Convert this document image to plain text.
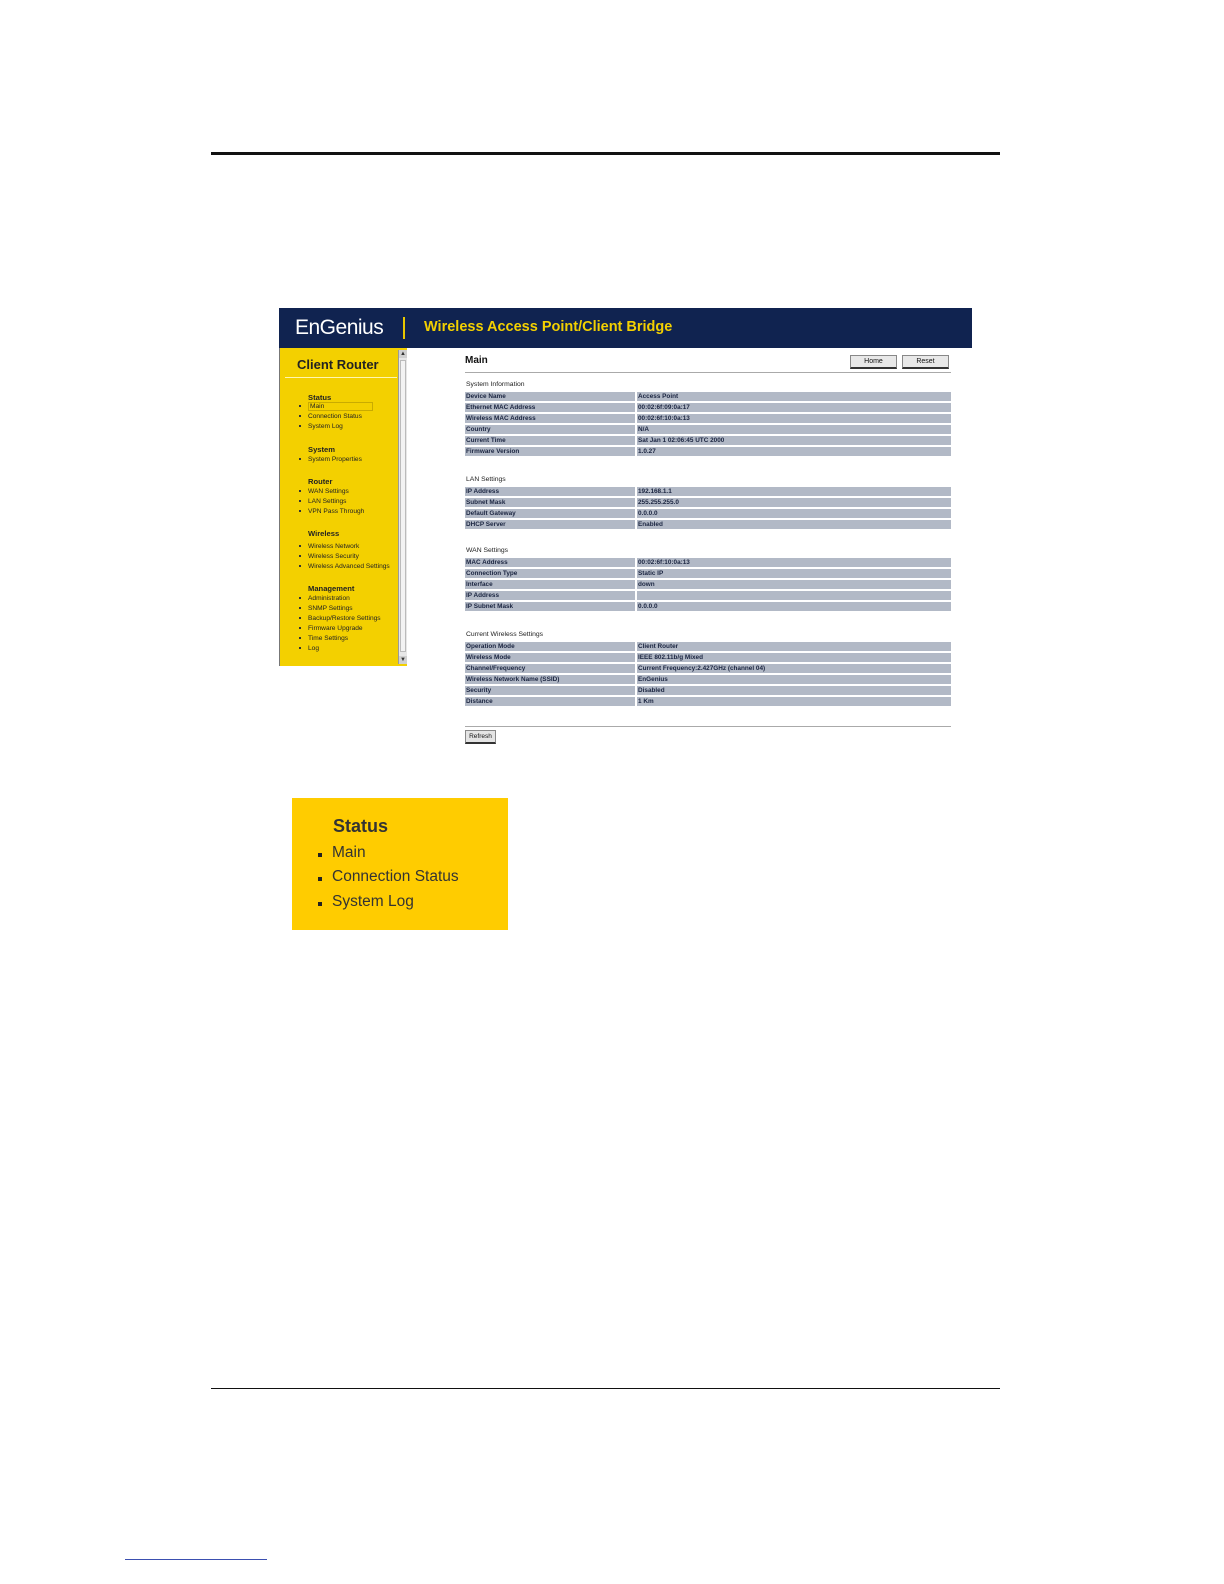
EnGenius	Wireless Access Point/Client Bridge
Client Router
▲
▼
Status
Main
Connection Status
System Log
System
System Properties
Router
WAN Settings
LAN Settings
VPN Pass Through
Wireless
Wireless Network
Wireless Security
Wireless Advanced Settings
Management
Administration
SNMP Settings
Backup/Restore Settings
Firmware Upgrade
Time Settings
Log
Main	Home	Reset
System Information
Device Name	Access Point
Ethernet MAC Address	00:02:6f:09:0a:17
Wireless MAC Address	00:02:6f:10:0a:13
Country	N/A
Current Time	Sat Jan 1 02:06:45 UTC 2000
Firmware Version	1.0.27
LAN Settings
IP Address	192.168.1.1
Subnet Mask	255.255.255.0
Default Gateway	0.0.0.0
DHCP Server	Enabled
WAN Settings
MAC Address	00:02:6f:10:0a:13
Connection Type	Static IP
Interface	down
IP Address	
IP Subnet Mask	0.0.0.0
Current Wireless Settings
Operation Mode	Client Router
Wireless Mode	IEEE 802.11b/g Mixed
Channel/Frequency	Current Frequency:2.427GHz (channel 04)
Wireless Network Name (SSID)	EnGenius
Security	Disabled
Distance	1 Km
Refresh
Status
Main
Connection Status
System Log
